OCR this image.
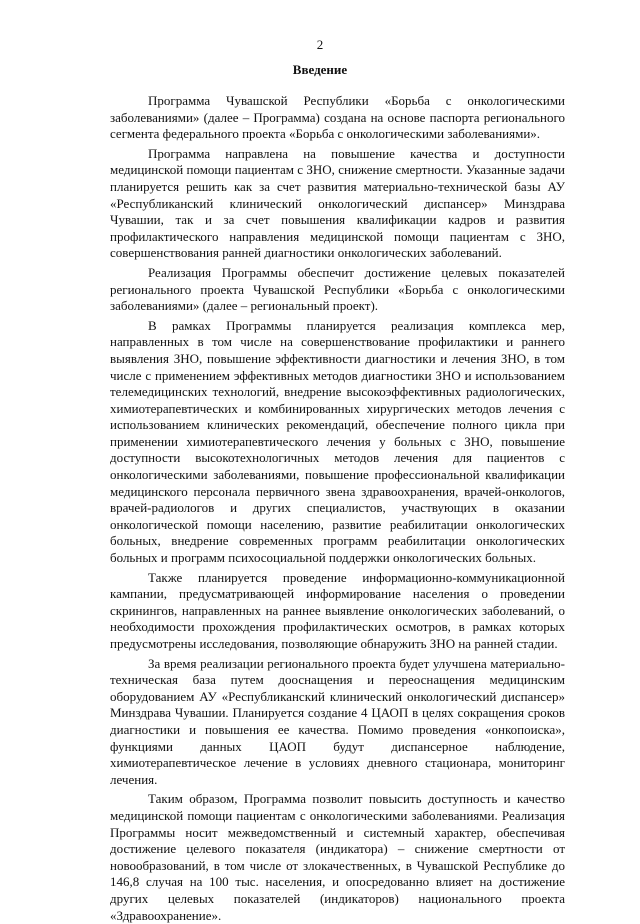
2
Введение

Программа Чувашской Республики «Борьба с онкологическими заболеваниями» (далее – Программа) создана на основе паспорта регионального сегмента федерального проекта «Борьба с онкологическими заболеваниями».

Программа направлена на повышение качества и доступности медицинской помощи пациентам с ЗНО, снижение смертности. Указанные задачи планируется решить как за счет развития материально-технической базы АУ «Республиканский клинический онкологический диспансер» Минздрава Чувашии, так и за счет повышения квалификации кадров и развития профилактического направления медицинской помощи пациентам с ЗНО, совершенствования ранней диагностики онкологических заболеваний.

Реализация Программы обеспечит достижение целевых показателей регионального проекта Чувашской Республики «Борьба с онкологическими заболеваниями» (далее – региональный проект).

В рамках Программы планируется реализация комплекса мер, направленных в том числе на совершенствование профилактики и раннего выявления ЗНО, повышение эффективности диагностики и лечения ЗНО, в том числе с применением эффективных методов диагностики ЗНО и использованием телемедицинских технологий, внедрение высокоэффективных радиологических, химиотерапевтических и комбинированных хирургических методов лечения с использованием клинических рекомендаций, обеспечение полного цикла при применении химиотерапевтического лечения у больных с ЗНО, повышение доступности высокотехнологичных методов лечения для пациентов с онкологическими заболеваниями, повышение профессиональной квалификации медицинского персонала первичного звена здравоохранения, врачей-онкологов, врачей-радиологов и других специалистов, участвующих в оказании онкологической помощи населению, развитие реабилитации онкологических больных, внедрение современных программ реабилитации онкологических больных и программ психосоциальной поддержки онкологических больных.

Также планируется проведение информационно-коммуникационной кампании, предусматривающей информирование населения о проведении скринингов, направленных на раннее выявление онкологических заболеваний, о необходимости прохождения профилактических осмотров, в рамках которых предусмотрены исследования, позволяющие обнаружить ЗНО на ранней стадии.

За время реализации регионального проекта будет улучшена материально-техническая база путем дооснащения и переоснащения медицинским оборудованием АУ «Республиканский клинический онкологический диспансер» Минздрава Чувашии. Планируется создание 4 ЦАОП в целях сокращения сроков диагностики и повышения ее качества. Помимо проведения «онкопоиска», функциями данных ЦАОП будут диспансерное наблюдение, химиотерапевтическое лечение в условиях дневного стационара, мониторинг лечения.

Таким образом, Программа позволит повысить доступность и качество медицинской помощи пациентам с онкологическими заболеваниями. Реализация Программы носит межведомственный и системный характер, обеспечивая достижение целевого показателя (индикатора) – снижение смертности от новообразований, в том числе от злокачественных, в Чувашской Республике до 146,8 случая на 100 тыс. населения, и опосредованно влияет на достижение других целевых показателей (индикаторов) национального проекта «Здравоохранение».
